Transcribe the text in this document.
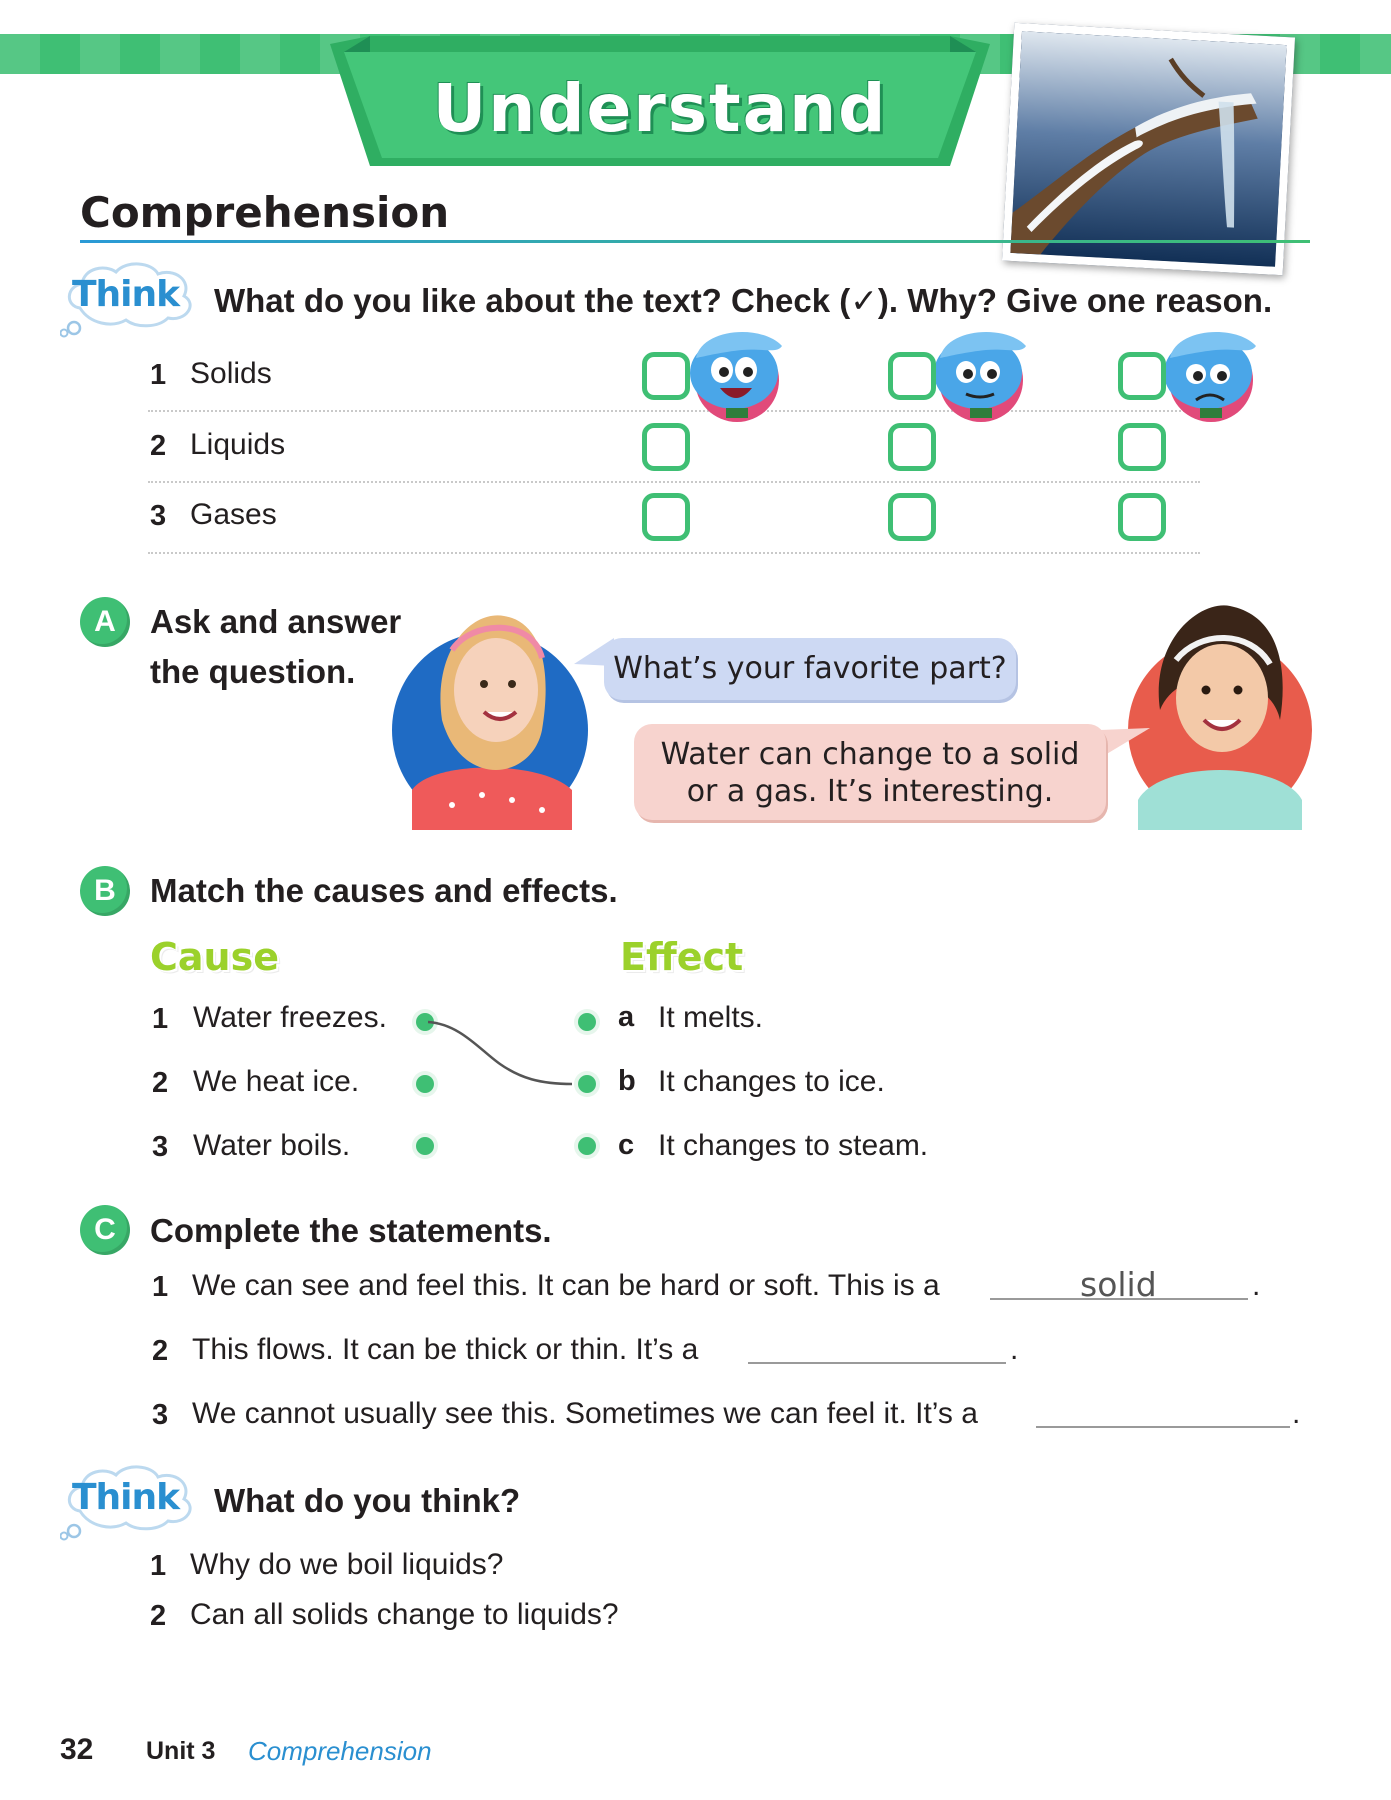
Understand
Comprehension
Think What do you like about the text? Check (✓). Why? Give one reason.
1 Solids
2 Liquids
3 Gases
A	Ask and answer
the question.	What’s your favorite part?
Water can change to a solid
or a gas. It’s interesting.
B	Match the causes and effects.
Cause	Effect
1 Water freezes.
2 We heat ice.
3 Water boils.
a It melts.
b It changes to ice.
c It changes to steam.
C	Complete the statements.
1 We can see and feel this. It can be hard or soft. This is a	solid	.
2 This flows. It can be thick or thin. It’s a	.
3 We cannot usually see this. Sometimes we can feel it. It’s a	.
Think What do you think?
1 Why do we boil liquids?
2 Can all solids change to liquids?
32 Unit 3 Comprehension
